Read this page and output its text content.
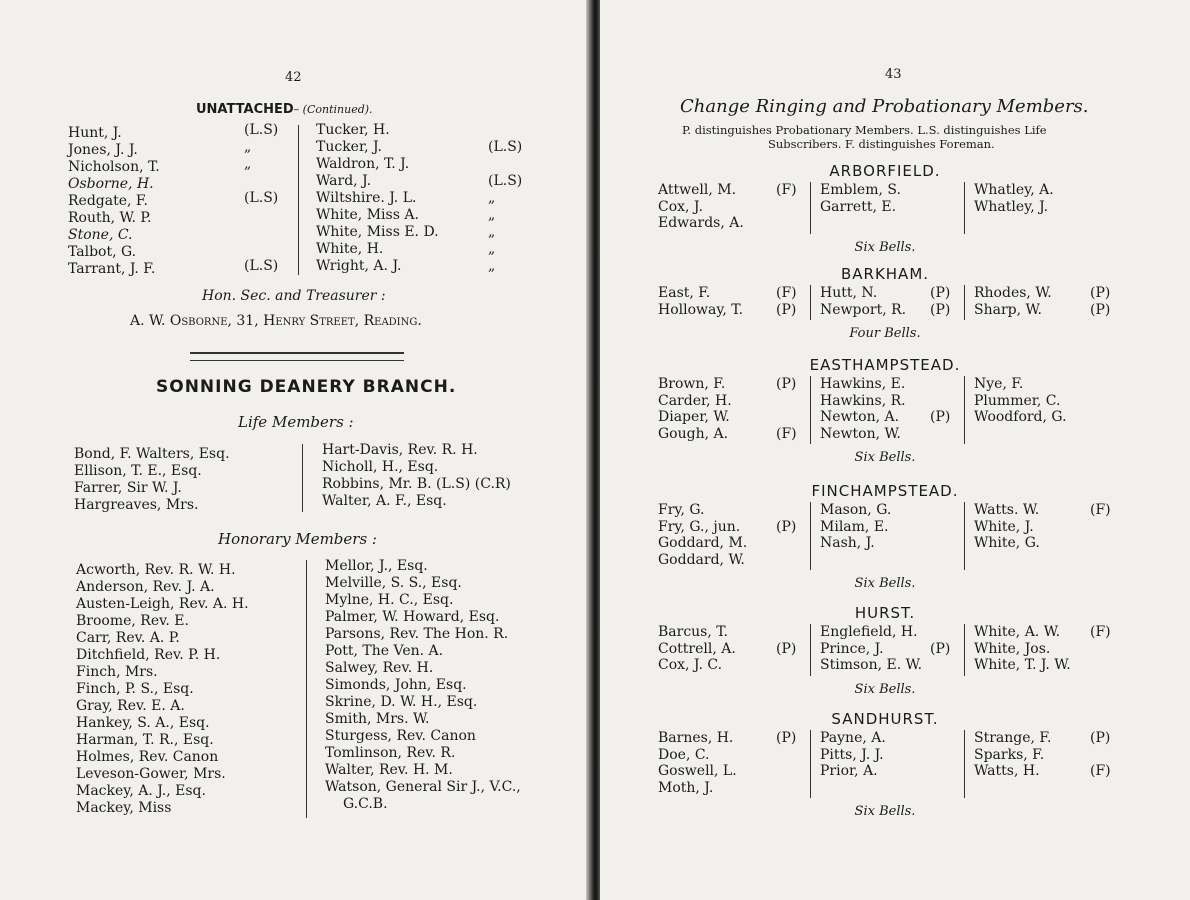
42
UNATTACHED– (Continued).
Hunt, J.
Jones, J. J.
Nicholson, T.
Osborne, H.
Redgate, F.
Routh, W. P.
Stone, C.
Talbot, G.
Tarrant, J. F.
(L.S)
„
„
(L.S)
(L.S)
Tucker, H.
Tucker, J.
Waldron, T. J.
Ward, J.
Wiltshire. J. L.
White, Miss A.
White, Miss E. D.
White, H.
Wright, A. J.
(L.S)
(L.S)
„
„
„
„
„
Hon. Sec. and Treasurer :
A. W. Osborne, 31, Henry Street, Reading.
SONNING DEANERY BRANCH.
Life Members :
Bond, F. Walters, Esq.
Ellison, T. E., Esq.
Farrer, Sir W. J.
Hargreaves, Mrs.
Hart-Davis, Rev. R. H.
Nicholl, H., Esq.
Robbins, Mr. B. (L.S) (C.R)
Walter, A. F., Esq.
Honorary Members :
Acworth, Rev. R. W. H.
Anderson, Rev. J. A.
Austen-Leigh, Rev. A. H.
Broome, Rev. E.
Carr, Rev. A. P.
Ditchfield, Rev. P. H.
Finch, Mrs.
Finch, P. S., Esq.
Gray, Rev. E. A.
Hankey, S. A., Esq.
Harman, T. R., Esq.
Holmes, Rev. Canon
Leveson-Gower, Mrs.
Mackey, A. J., Esq.
Mackey, Miss
Mellor, J., Esq.
Melville, S. S., Esq.
Mylne, H. C., Esq.
Palmer, W. Howard, Esq.
Parsons, Rev. The Hon. R.
Pott, The Ven. A.
Salwey, Rev. H.
Simonds, John, Esq.
Skrine, D. W. H., Esq.
Smith, Mrs. W.
Sturgess, Rev. Canon
Tomlinson, Rev. R.
Walter, Rev. H. M.
Watson, General Sir J., V.C.,
G.C.B.
43
Change Ringing and Probationary Members.
P. distinguishes Probationary Members. L.S. distinguishes Life
Subscribers. F. distinguishes Foreman.
ARBORFIELD.
Attwell, M.
Cox, J.
Edwards, A.
(F) Emblem, S.
Garrett, E.
Whatley, A.
Whatley, J.
Six Bells.
BARKHAM.
East, F.
Holloway, T.
(F)
(P)
Hutt, N.
Newport, R.
(P)
(P)
Rhodes, W.
Sharp, W.
(P)
(P)
Four Bells.
EASTHAMPSTEAD.
Brown, F.
Carder, H.
Diaper, W.
Gough, A.
(P)
(F)
Hawkins, E.
Hawkins, R.
Newton, A.
Newton, W.
(P)
Nye, F.
Plummer, C.
Woodford, G.
Six Bells.
FINCHAMPSTEAD.
Fry, G.
Fry, G., jun.
Goddard, M.
Goddard, W.
(P)
Mason, G.
Milam, E.
Nash, J.
Watts. W.
White, J.
White, G.
(F)
Six Bells.
HURST.
Barcus, T.
Cottrell, A.
Cox, J. C.
(P)
Englefield, H.
Prince, J.
Stimson, E. W.
(P)
White, A. W.
White, Jos.
White, T. J. W.
(F)
Six Bells.
SANDHURST.
Barnes, H.
Doe, C.
Goswell, L.
Moth, J.
(P) Payne, A.
Pitts, J. J.
Prior, A.
Strange, F.
Sparks, F.
Watts, H.
(P)
(F)
Six Bells.
